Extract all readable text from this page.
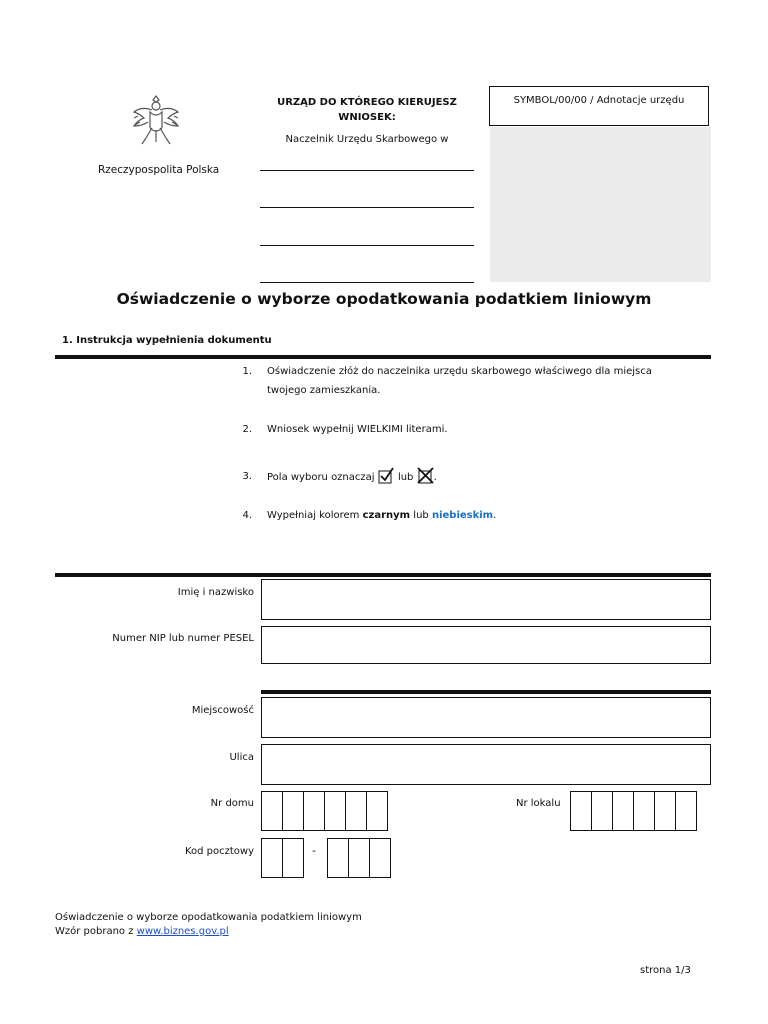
Rzeczypospolita Polska
URZĄD DO KTÓREGO KIERUJESZ
WNIOSEK:
Naczelnik Urzędu Skarbowego w
SYMBOL/00/00 / Adnotacje urzędu
Oświadczenie o wyborze opodatkowania podatkiem liniowym
1. Instrukcja wypełnienia dokumentu
1. Oświadczenie złóż do naczelnika urzędu skarbowego właściwego dla miejsca
twojego zamieszkania.
2. Wniosek wypełnij WIELKIMI literami.
3. Pola wyboru oznaczaj lub .
4. Wypełniaj kolorem czarnym lub niebieskim.
Imię i nazwisko
Numer NIP lub numer PESEL
Miejscowość
Ulica
Nr domu	Nr lokalu
Kod pocztowy	-
Oświadczenie o wyborze opodatkowania podatkiem liniowym
Wzór pobrano z www.biznes.gov.pl
strona 1/3
